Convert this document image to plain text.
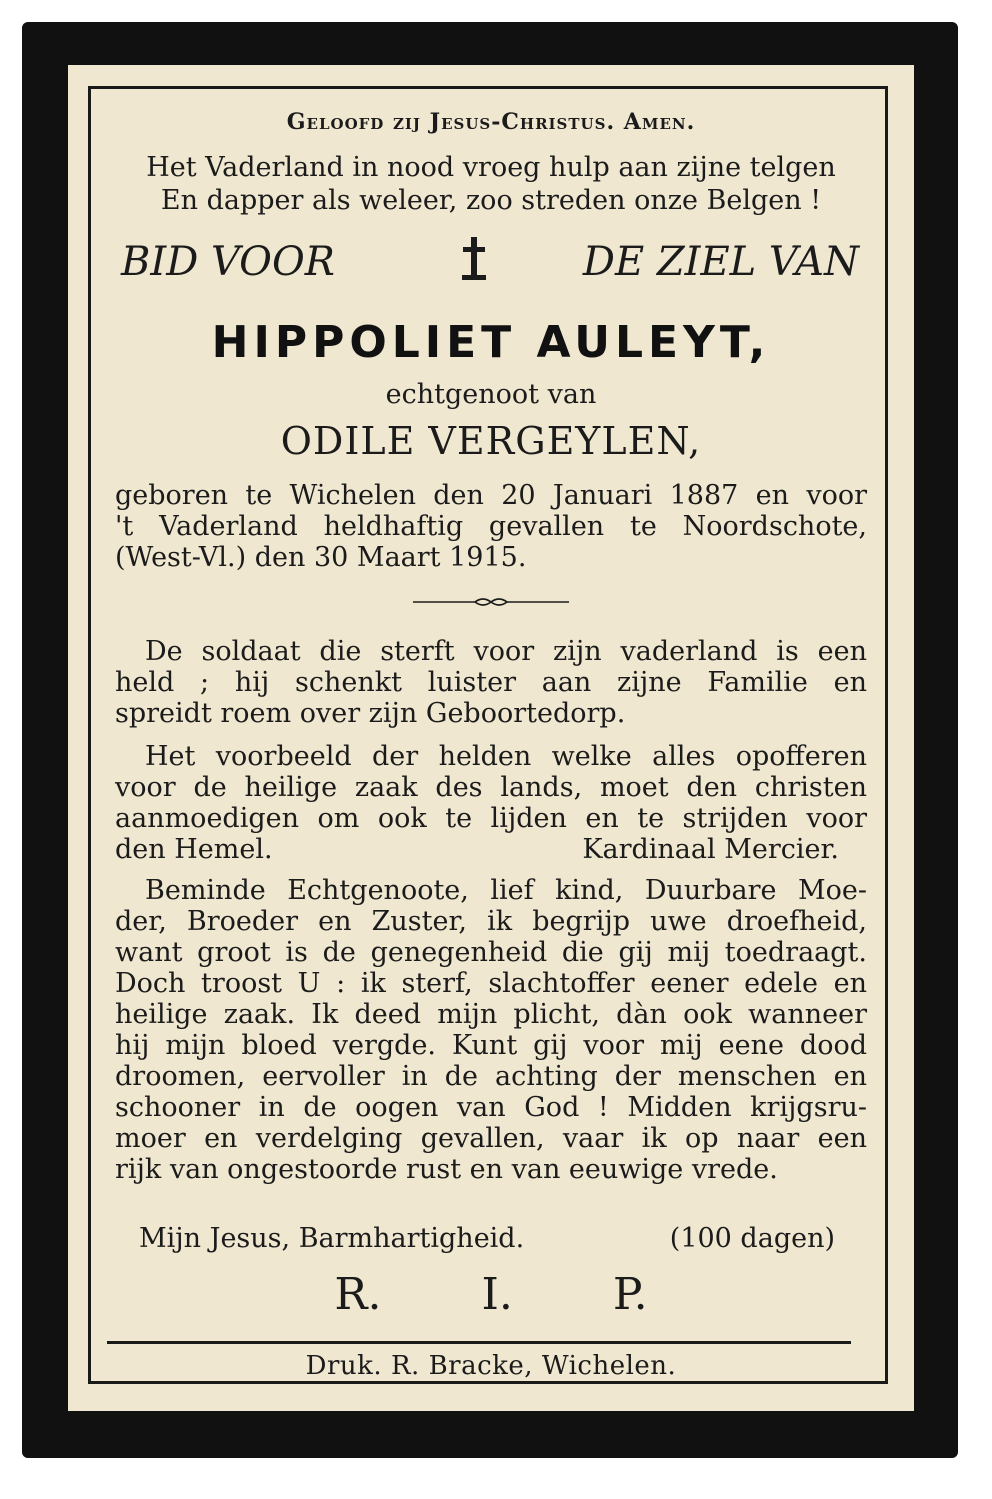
Geloofd zij Jesus-Christus. Amen.

Het Vaderland in nood vroeg hulp aan zijne telgen

En dapper als weleer, zoo streden onze Belgen !

BID VOOR	DE ZIEL VAN

HIPPOLIET AULEYT,

echtgenoot van

ODILE VERGEYLEN,

geboren te Wichelen den 20 Januari 1887 en voor

't Vaderland heldhaftig gevallen te Noordschote,

(West-Vl.) den 30 Maart 1915.

De soldaat die sterft voor zijn vaderland is een

held ; hij schenkt luister aan zijne Familie en

spreidt roem over zijn Geboortedorp.

Het voorbeeld der helden welke alles opofferen

voor de heilige zaak des lands, moet den christen

aanmoedigen om ook te lijden en te strijden voor

den Hemel.	Kardinaal Mercier.

Beminde Echtgenoote, lief kind, Duurbare Moe-

der, Broeder en Zuster, ik begrijp uwe droefheid,

want groot is de genegenheid die gij mij toedraagt.

Doch troost U : ik sterf, slachtoffer eener edele en

heilige zaak. Ik deed mijn plicht, dàn ook wanneer

hij mijn bloed vergde. Kunt gij voor mij eene dood

droomen, eervoller in de achting der menschen en

schooner in de oogen van God ! Midden krijgsru-

moer en verdelging gevallen, vaar ik op naar een

rijk van ongestoorde rust en van eeuwige vrede.

Mijn Jesus, Barmhartigheid.	(100 dagen)

R. I. P.

Druk. R. Bracke, Wichelen.
